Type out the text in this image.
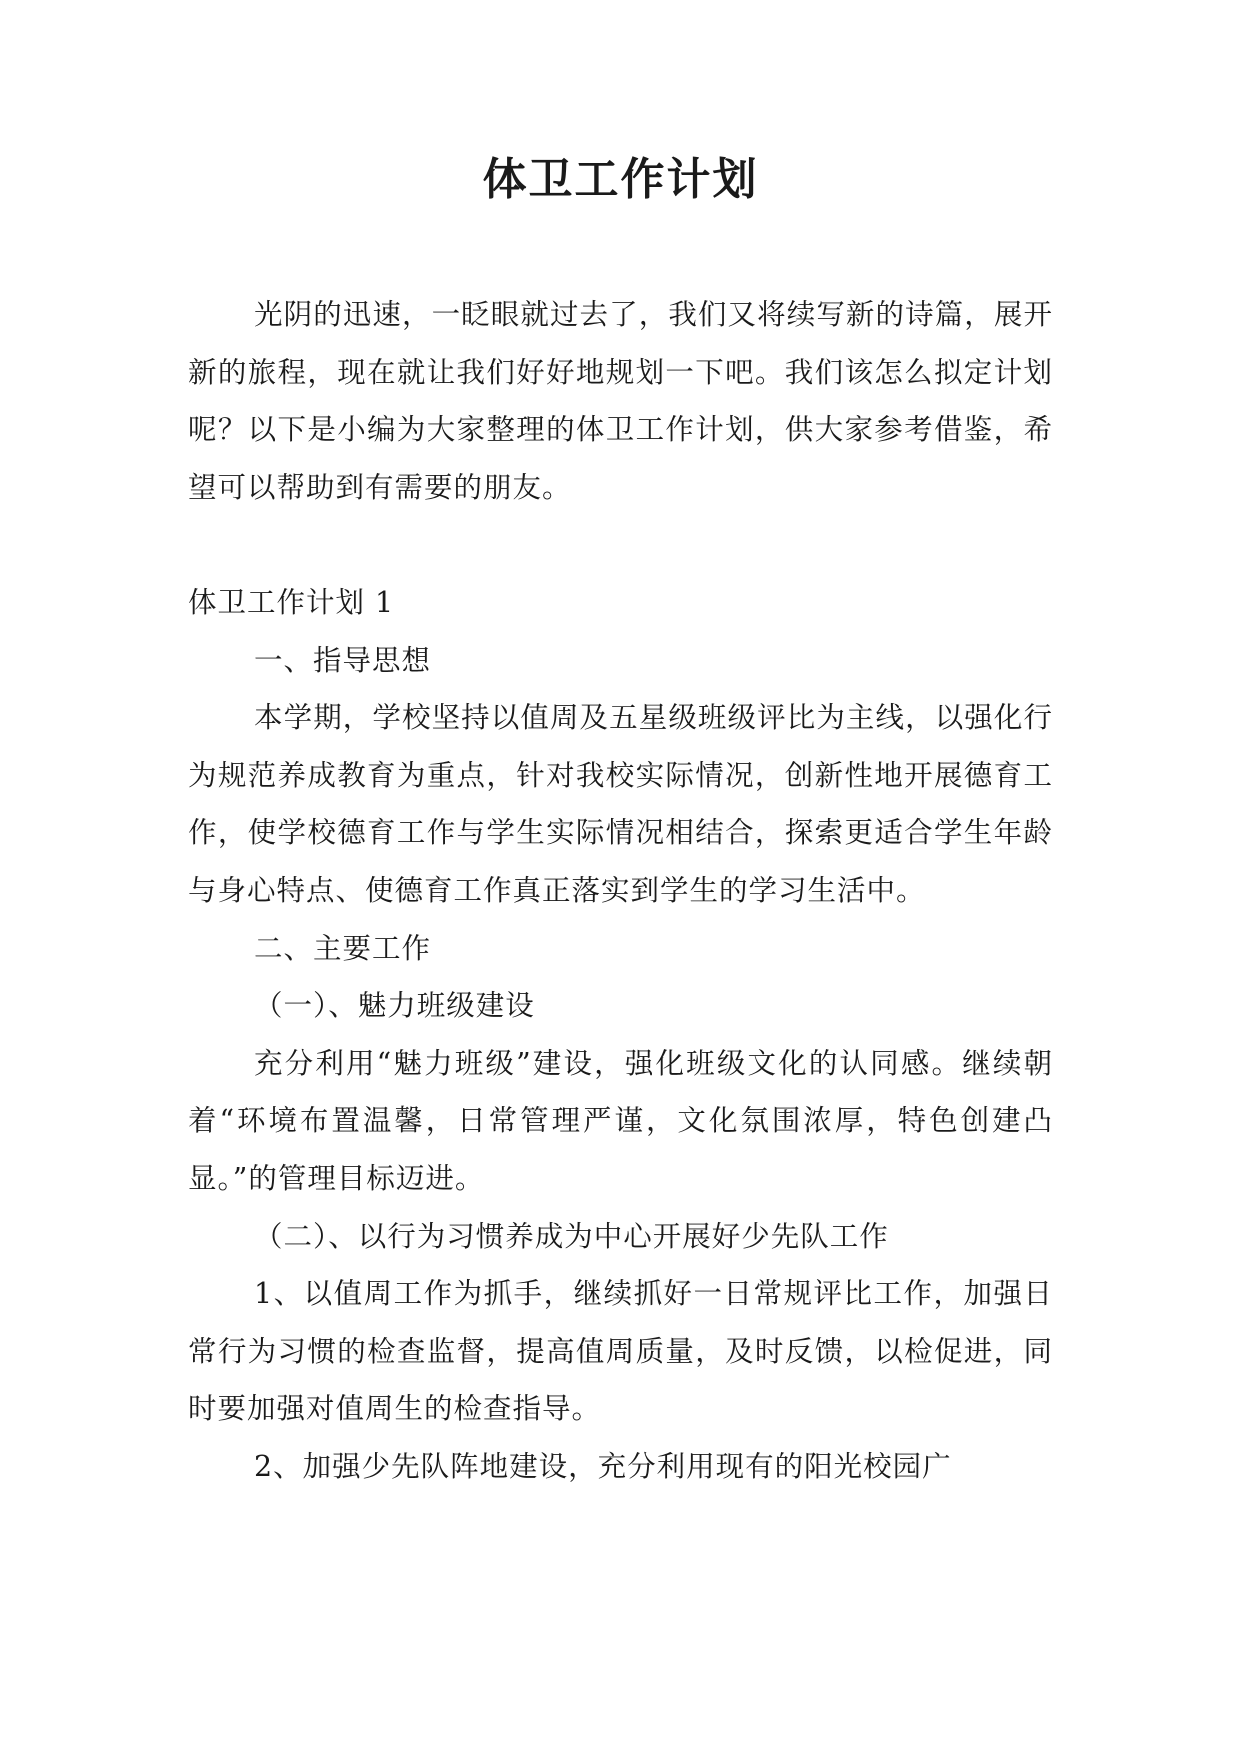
体卫工作计划

光阴的迅速，一眨眼就过去了，我们又将续写新的诗篇，展开新的旅程，现在就让我们好好地规划一下吧。我们该怎么拟定计划呢？以下是小编为大家整理的体卫工作计划，供大家参考借鉴，希望可以帮助到有需要的朋友。

体卫工作计划 1

一、指导思想

本学期，学校坚持以值周及五星级班级评比为主线，以强化行为规范养成教育为重点，针对我校实际情况，创新性地开展德育工作，使学校德育工作与学生实际情况相结合，探索更适合学生年龄与身心特点、使德育工作真正落实到学生的学习生活中。

二、主要工作

（一）、魅力班级建设

充分利用“魅力班级”建设，强化班级文化的认同感。继续朝着“环境布置温馨，日常管理严谨，文化氛围浓厚，特色创建凸显。”的管理目标迈进。

（二）、以行为习惯养成为中心开展好少先队工作

1、以值周工作为抓手，继续抓好一日常规评比工作，加强日常行为习惯的检查监督，提高值周质量，及时反馈，以检促进，同时要加强对值周生的检查指导。

2、加强少先队阵地建设，充分利用现有的阳光校园广
